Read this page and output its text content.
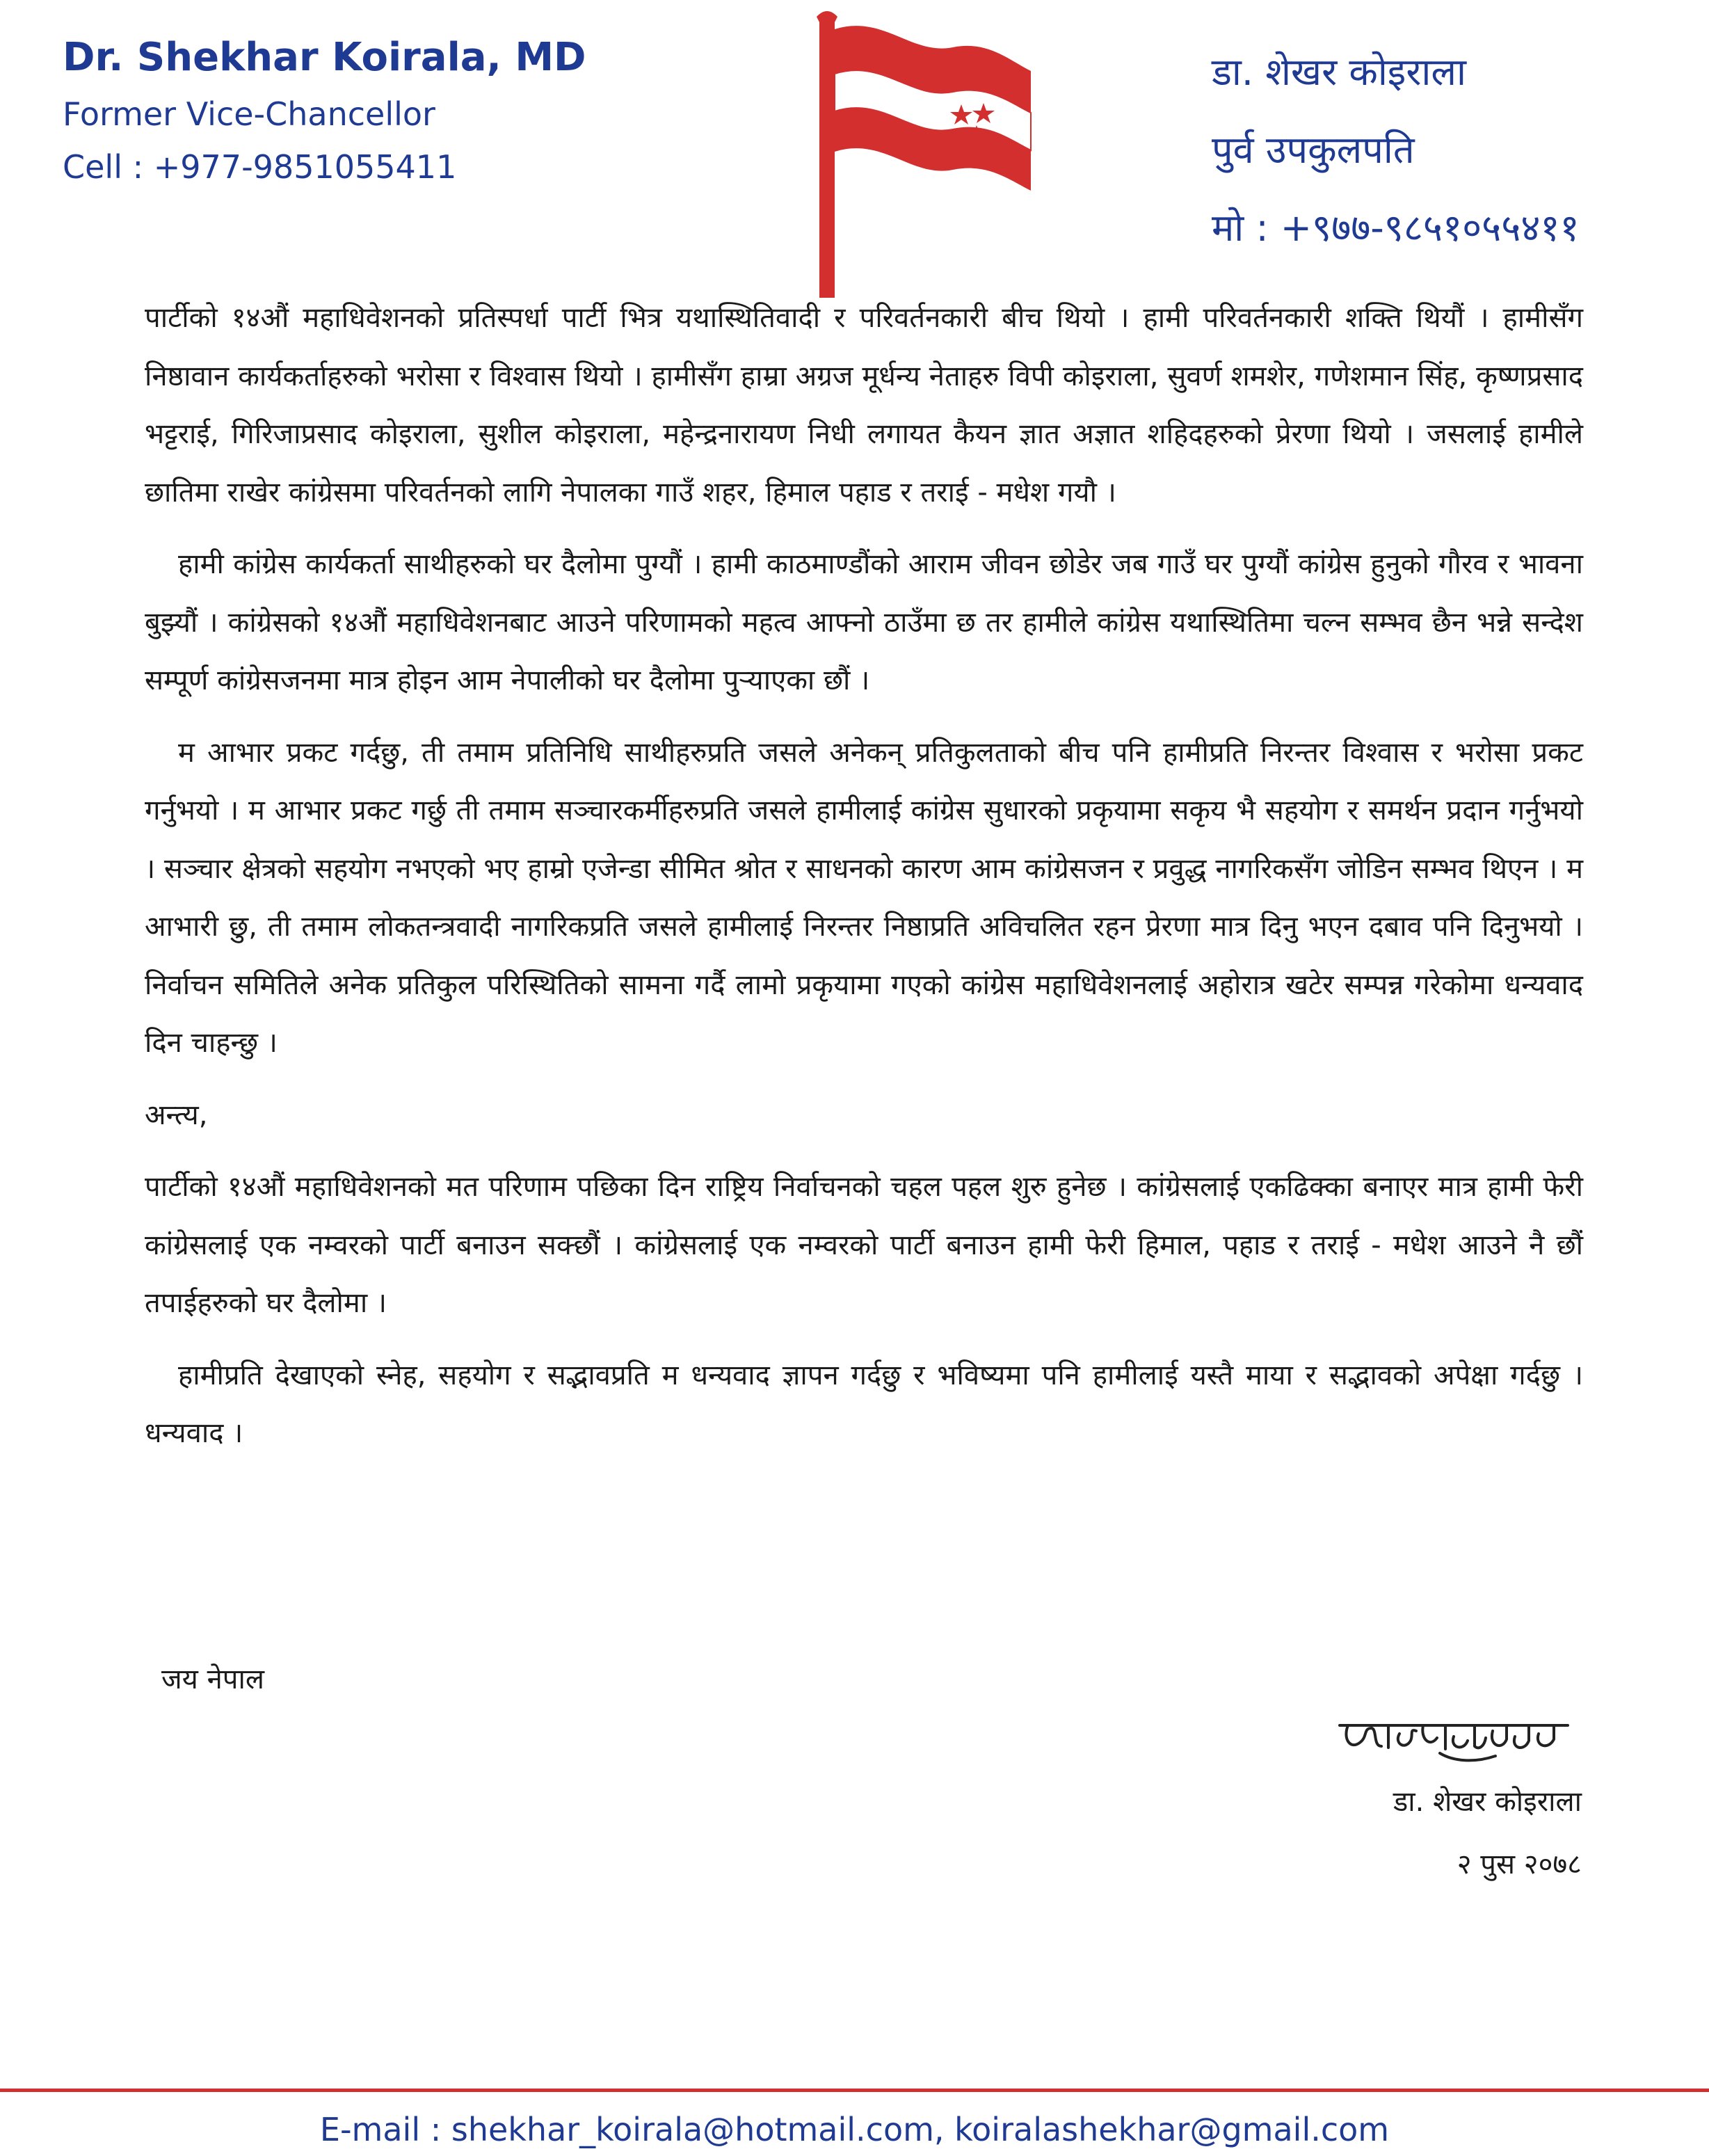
Dr. Shekhar Koirala, MD
Former Vice-Chancellor
Cell : +977-9851055411
डा. शेखर कोइराला
पुर्व उपकुलपति
मो : +९७७-९८५१०५५४११

पार्टीको १४औं महाधिवेशनको प्रतिस्पर्धा पार्टी भित्र यथास्थितिवादी र परिवर्तनकारी बीच थियो । हामी परिवर्तनकारी शक्ति थियौं । हामीसँग निष्ठावान कार्यकर्ताहरुको भरोसा र विश्वास थियो । हामीसँग हाम्रा अग्रज मूर्धन्य नेताहरु विपी कोइराला, सुवर्ण शमशेर, गणेशमान सिंह, कृष्णप्रसाद भट्टराई, गिरिजाप्रसाद कोइराला, सुशील कोइराला, महेन्द्रनारायण निधी लगायत कैयन ज्ञात अज्ञात शहिदहरुको प्रेरणा थियो । जसलाई हामीले छातिमा राखेर कांग्रेसमा परिवर्तनको लागि नेपालका गाउँ शहर, हिमाल पहाड र तराई - मधेश गयौ ।

हामी कांग्रेस कार्यकर्ता साथीहरुको घर दैलोमा पुग्यौं । हामी काठमाण्डौंको आराम जीवन छोडेर जब गाउँ घर पुग्यौं कांग्रेस हुनुको गौरव र भावना बुझ्यौं । कांग्रेसको १४औं महाधिवेशनबाट आउने परिणामको महत्व आफ्नो ठाउँमा छ तर हामीले कांग्रेस यथास्थितिमा चल्न सम्भव छैन भन्ने सन्देश सम्पूर्ण कांग्रेसजनमा मात्र होइन आम नेपालीको घर दैलोमा पुर्‍याएका छौं ।

म आभार प्रकट गर्दछु, ती तमाम प्रतिनिधि साथीहरुप्रति जसले अनेकन् प्रतिकुलताको बीच पनि हामीप्रति निरन्तर विश्वास र भरोसा प्रकट गर्नुभयो । म आभार प्रकट गर्छु ती तमाम सञ्चारकर्मीहरुप्रति जसले हामीलाई कांग्रेस सुधारको प्रकृयामा सकृय भै सहयोग र समर्थन प्रदान गर्नुभयो । सञ्चार क्षेत्रको सहयोग नभएको भए हाम्रो एजेन्डा सीमित श्रोत र साधनको कारण आम कांग्रेसजन र प्रवुद्ध नागरिकसँग जोडिन सम्भव थिएन । म आभारी छु, ती तमाम लोकतन्त्रवादी नागरिकप्रति जसले हामीलाई निरन्तर निष्ठाप्रति अविचलित रहन प्रेरणा मात्र दिनु भएन दबाव पनि दिनुभयो । निर्वाचन समितिले अनेक प्रतिकुल परिस्थितिको सामना गर्दै लामो प्रकृयामा गएको कांग्रेस महाधिवेशनलाई अहोरात्र खटेर सम्पन्न गरेकोमा धन्यवाद दिन चाहन्छु ।

अन्त्य,

पार्टीको १४औं महाधिवेशनको मत परिणाम पछिका दिन राष्ट्रिय निर्वाचनको चहल पहल शुरु हुनेछ । कांग्रेसलाई एकढिक्का बनाएर मात्र हामी फेरी कांग्रेसलाई एक नम्वरको पार्टी बनाउन सक्छौं । कांग्रेसलाई एक नम्वरको पार्टी बनाउन हामी फेरी हिमाल, पहाड र तराई - मधेश आउने नै छौं तपाईहरुको घर दैलोमा ।

हामीप्रति देखाएको स्नेह, सहयोग र सद्भावप्रति म धन्यवाद ज्ञापन गर्दछु र भविष्यमा पनि हामीलाई यस्तै माया र सद्भावको अपेक्षा गर्दछु । धन्यवाद ।

जय नेपाल
डा. शेखर कोइराला
२ पुस २०७८
E-mail : shekhar_koirala@hotmail.com, koiralashekhar@gmail.com
